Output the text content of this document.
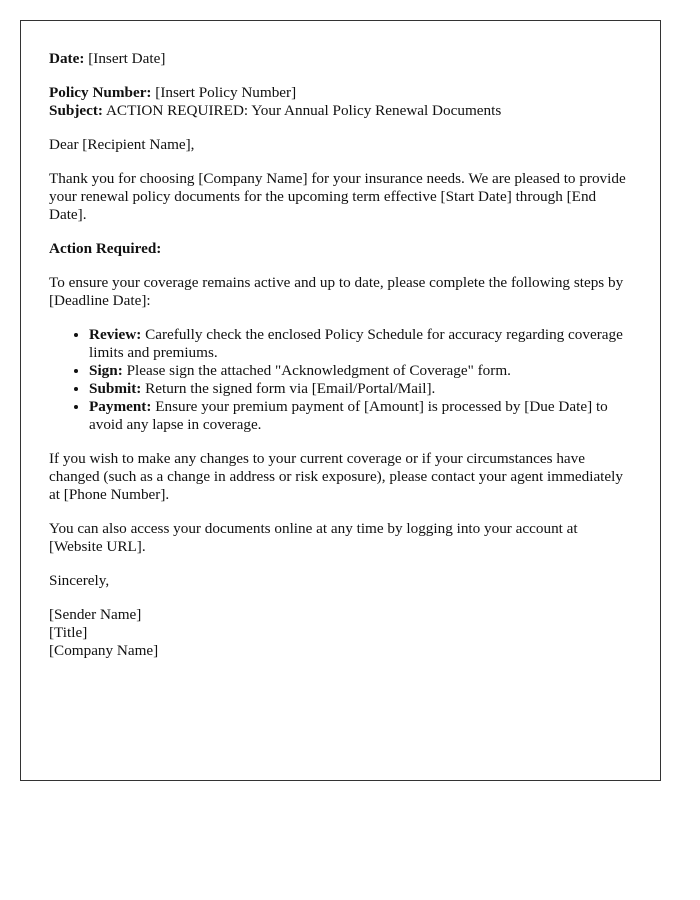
Date: [Insert Date]

Policy Number: [Insert Policy Number]
Subject: ACTION REQUIRED: Your Annual Policy Renewal Documents

Dear [Recipient Name],

Thank you for choosing [Company Name] for your insurance needs. We are pleased to provide your renewal policy documents for the upcoming term effective [Start Date] through [End Date].

Action Required:

To ensure your coverage remains active and up to date, please complete the following steps by [Deadline Date]:

• Review: Carefully check the enclosed Policy Schedule for accuracy regarding coverage limits and premiums.
• Sign: Please sign the attached "Acknowledgment of Coverage" form.
• Submit: Return the signed form via [Email/Portal/Mail].
• Payment: Ensure your premium payment of [Amount] is processed by [Due Date] to avoid any lapse in coverage.

If you wish to make any changes to your current coverage or if your circumstances have changed (such as a change in address or risk exposure), please contact your agent immediately at [Phone Number].

You can also access your documents online at any time by logging into your account at [Website URL].

Sincerely,

[Sender Name]
[Title]
[Company Name]
